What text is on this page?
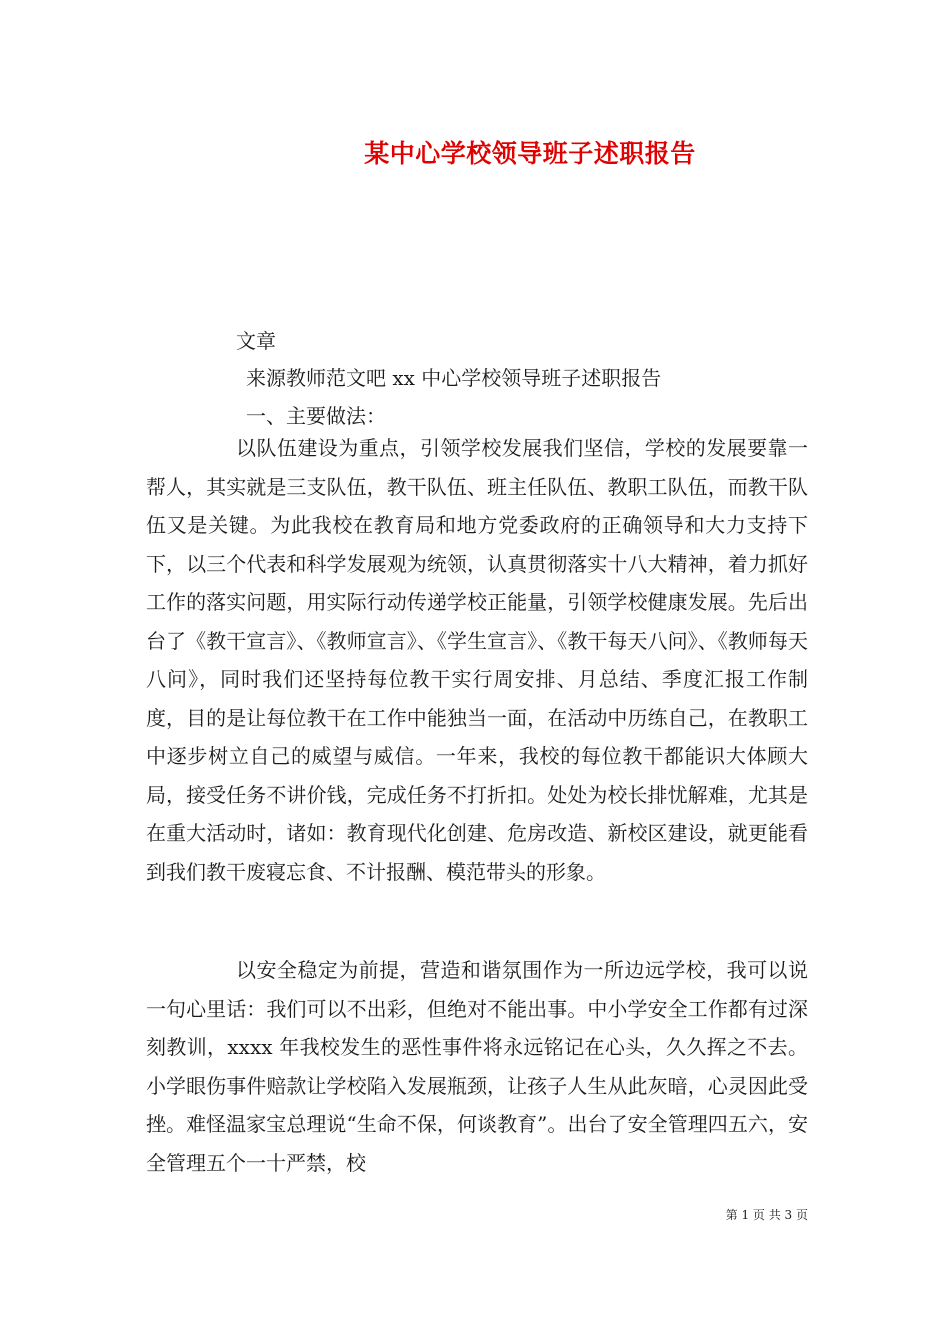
某中心学校领导班子述职报告
文章
来源教师范文吧 xx 中心学校领导班子述职报告
一、主要做法：

以队伍建设为重点，引领学校发展我们坚信，学校的发展要靠一帮人，其实就是三支队伍，教干队伍、班主任队伍、教职工队伍，而教干队伍又是关键。为此我校在教育局和地方党委政府的正确领导和大力支持下下，以三个代表和科学发展观为统领，认真贯彻落实十八大精神，着力抓好工作的落实问题，用实际行动传递学校正能量，引领学校健康发展。先后出台了《教干宣言》、《教师宣言》、《学生宣言》、《教干每天八问》、《教师每天八问》，同时我们还坚持每位教干实行周安排、月总结、季度汇报工作制度，目的是让每位教干在工作中能独当一面，在活动中历练自己，在教职工中逐步树立自己的威望与威信。一年来，我校的每位教干都能识大体顾大局，接受任务不讲价钱，完成任务不打折扣。处处为校长排忧解难，尤其是在重大活动时，诸如：教育现代化创建、危房改造、新校区建设，就更能看到我们教干废寝忘食、不计报酬、模范带头的形象。

以安全稳定为前提，营造和谐氛围作为一所边远学校，我可以说一句心里话：我们可以不出彩，但绝对不能出事。中小学安全工作都有过深刻教训，xxxx 年我校发生的恶性事件将永远铭记在心头，久久挥之不去。小学眼伤事件赔款让学校陷入发展瓶颈，让孩子人生从此灰暗，心灵因此受挫。难怪温家宝总理说“生命不保，何谈教育”。出台了安全管理四五六，安全管理五个一十严禁，校

第 1 页 共 3 页
